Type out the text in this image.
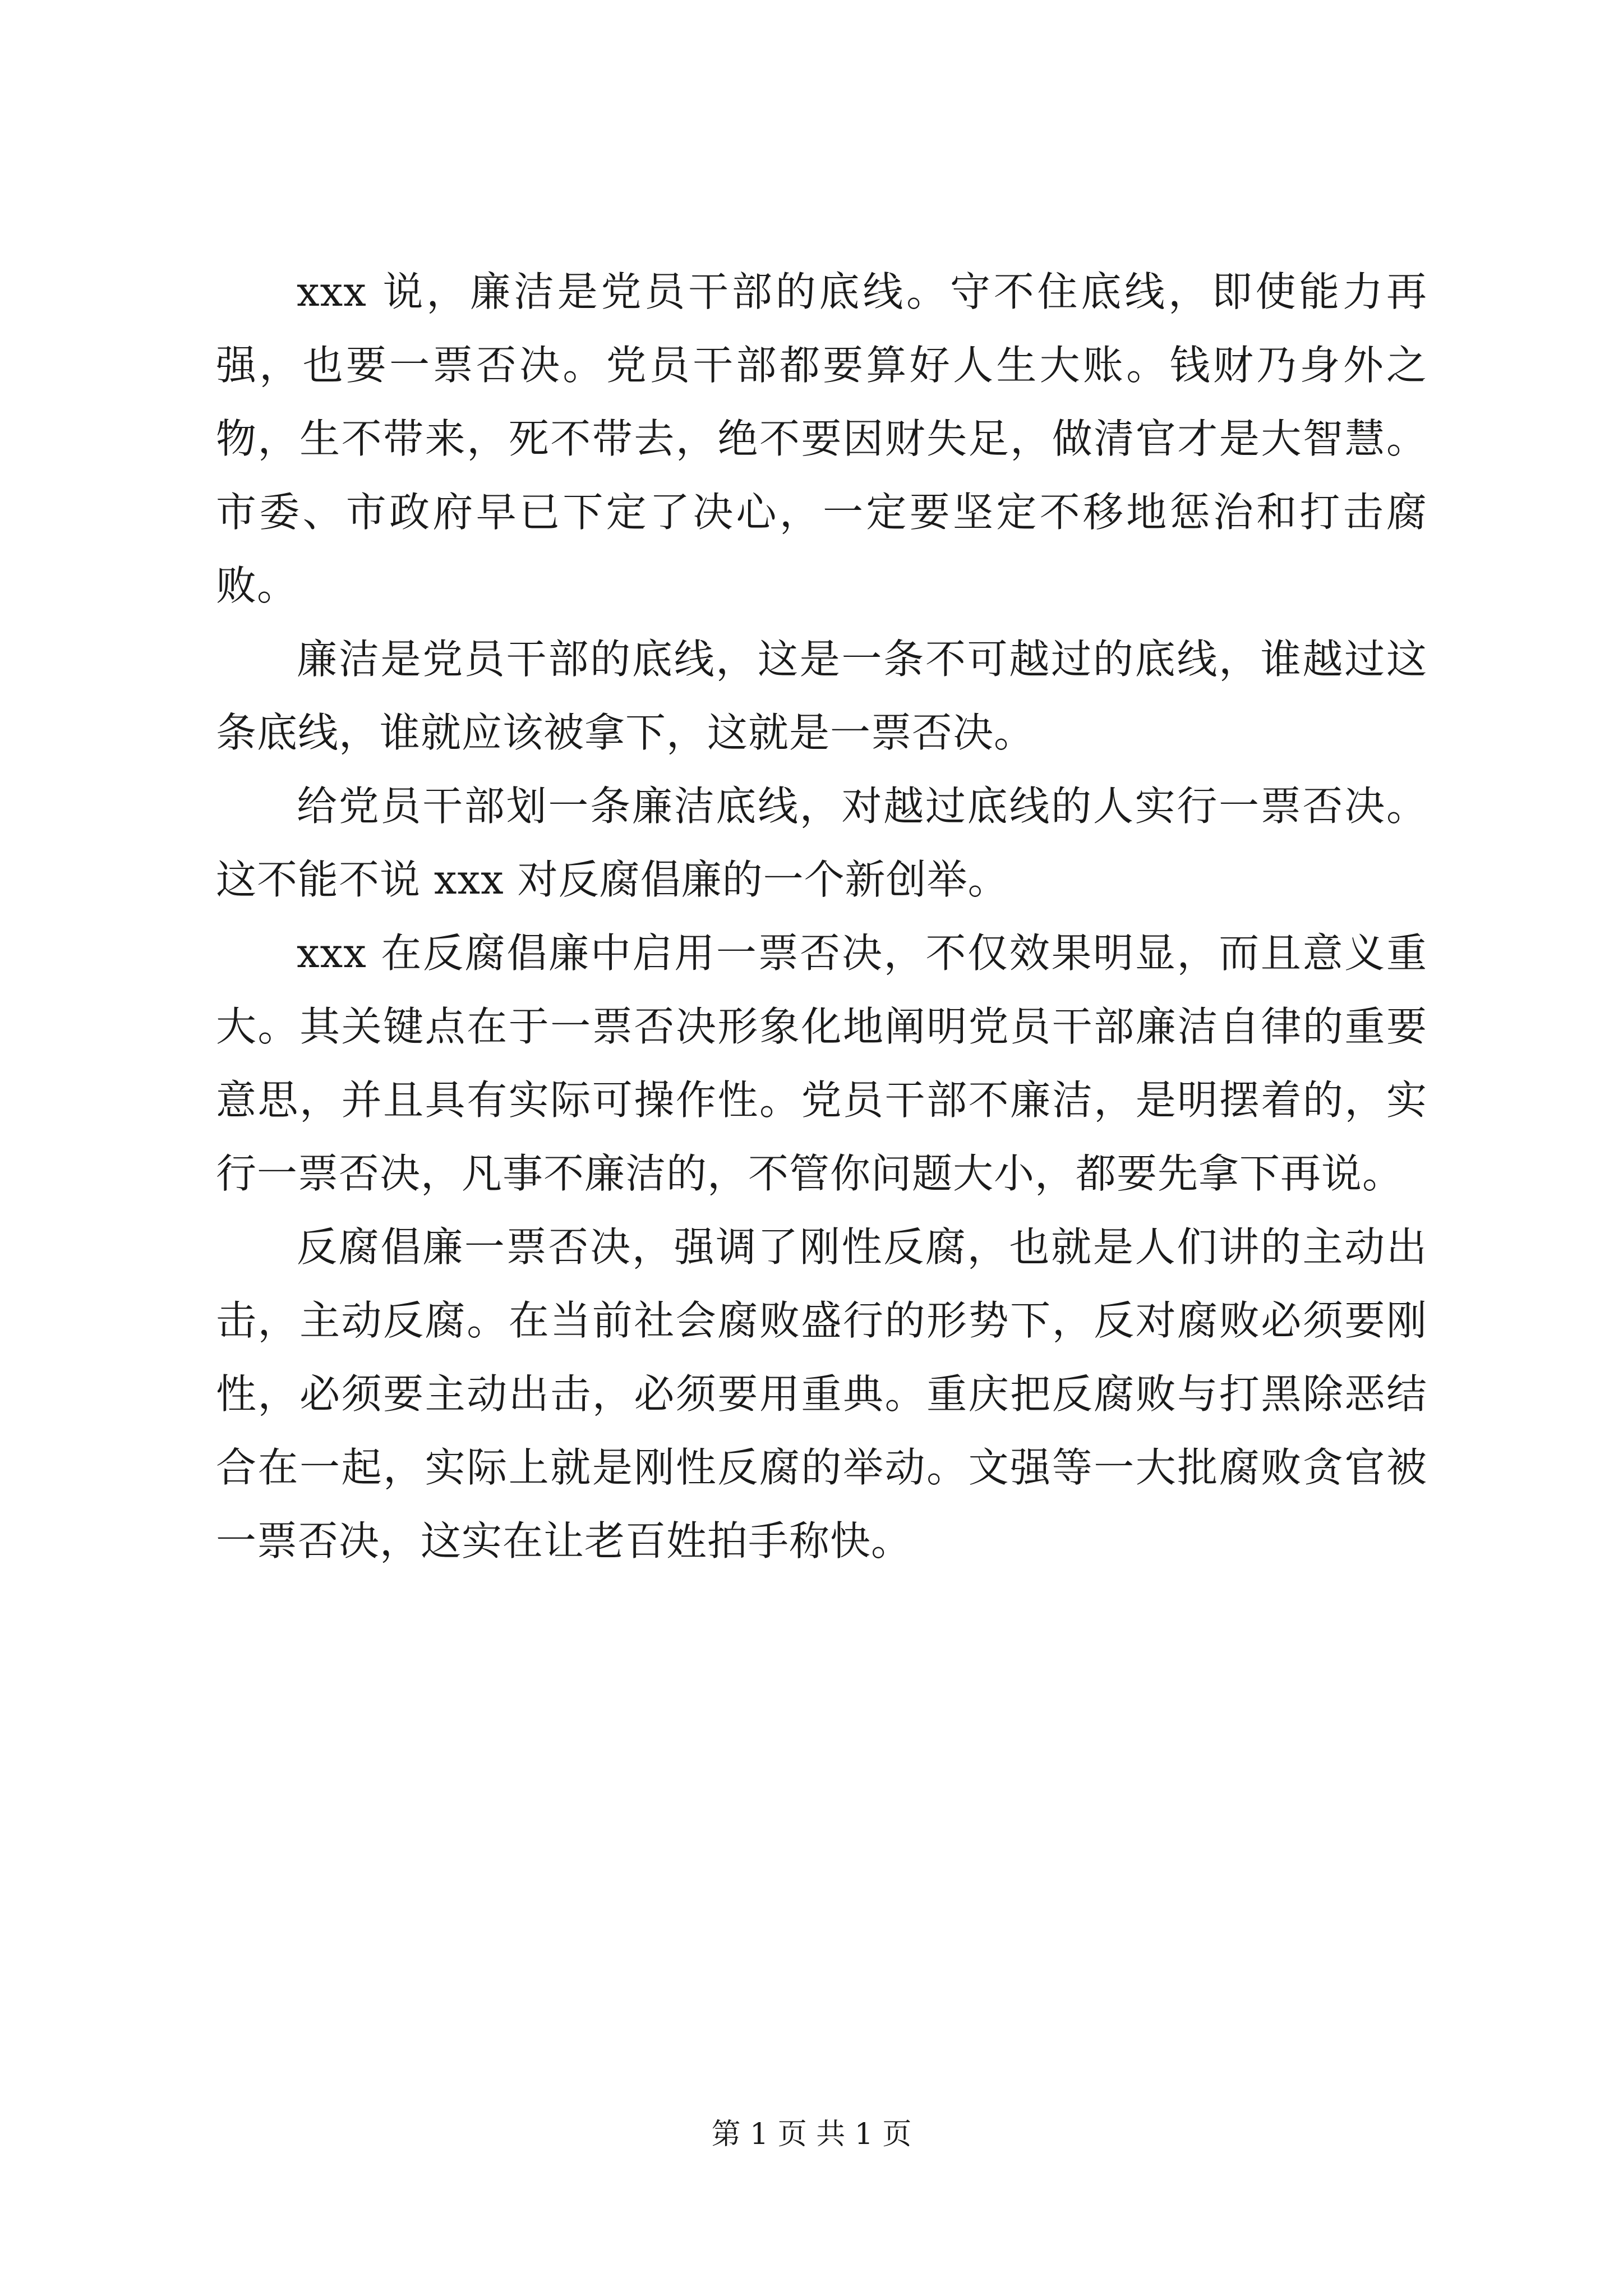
xxx 说，廉洁是党员干部的底线。守不住底线，即使能力再强，也要一票否决。党员干部都要算好人生大账。钱财乃身外之物，生不带来，死不带去，绝不要因财失足，做清官才是大智慧。市委、市政府早已下定了决心，一定要坚定不移地惩治和打击腐败。

廉洁是党员干部的底线，这是一条不可越过的底线，谁越过这条底线，谁就应该被拿下，这就是一票否决。

给党员干部划一条廉洁底线，对越过底线的人实行一票否决。这不能不说 xxx 对反腐倡廉的一个新创举。

xxx 在反腐倡廉中启用一票否决，不仅效果明显，而且意义重大。其关键点在于一票否决形象化地阐明党员干部廉洁自律的重要意思，并且具有实际可操作性。党员干部不廉洁，是明摆着的，实行一票否决，凡事不廉洁的，不管你问题大小，都要先拿下再说。

反腐倡廉一票否决，强调了刚性反腐，也就是人们讲的主动出击，主动反腐。在当前社会腐败盛行的形势下，反对腐败必须要刚性，必须要主动出击，必须要用重典。重庆把反腐败与打黑除恶结合在一起，实际上就是刚性反腐的举动。文强等一大批腐败贪官被一票否决，这实在让老百姓拍手称快。

第 1 页 共 1 页
